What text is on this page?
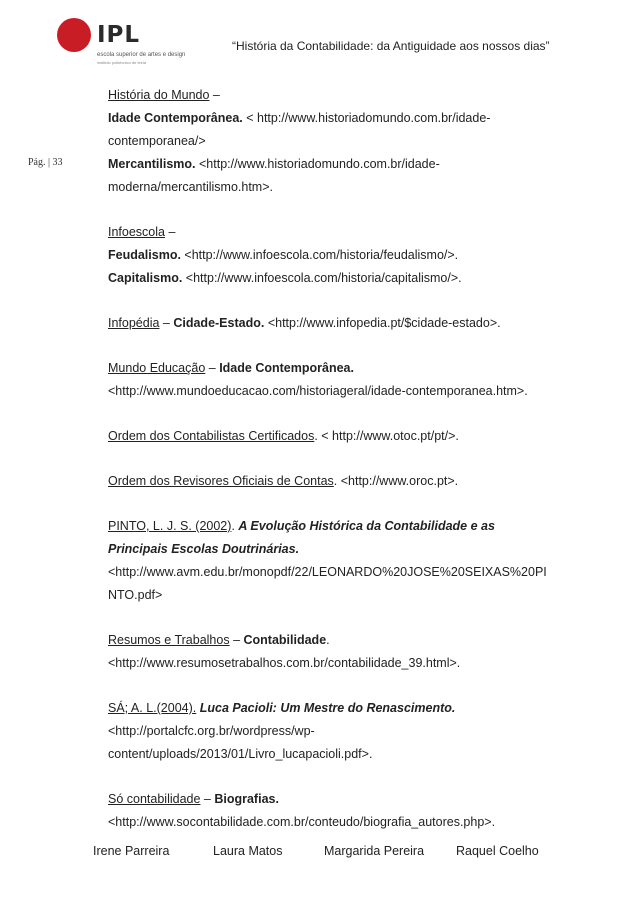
IPL
escola superior de artes e design
instituto politécnico de leiria
“História da Contabilidade: da Antiguidade aos nossos dias”
Pág. | 33
História do Mundo –
Idade Contemporânea. < http://www.historiadomundo.com.br/idade-
contemporanea/>
Mercantilismo. <http://www.historiadomundo.com.br/idade-
moderna/mercantilismo.htm>.
Infoescola –
Feudalismo. <http://www.infoescola.com/historia/feudalismo/>.
Capitalismo. <http://www.infoescola.com/historia/capitalismo/>.
Infopédia – Cidade-Estado. <http://www.infopedia.pt/$cidade-estado>.
Mundo Educação – Idade Contemporânea.
<http://www.mundoeducacao.com/historiageral/idade-contemporanea.htm>.
Ordem dos Contabilistas Certificados. < http://www.otoc.pt/pt/>.
Ordem dos Revisores Oficiais de Contas. <http://www.oroc.pt>.
PINTO, L. J. S. (2002). A Evolução Histórica da Contabilidade e as
Principais Escolas Doutrinárias.
<http://www.avm.edu.br/monopdf/22/LEONARDO%20JOSE%20SEIXAS%20PI
NTO.pdf>
Resumos e Trabalhos – Contabilidade.
<http://www.resumosetrabalhos.com.br/contabilidade_39.html>.
SÁ; A. L.(2004). Luca Pacioli: Um Mestre do Renascimento.
<http://portalcfc.org.br/wordpress/wp-
content/uploads/2013/01/Livro_lucapacioli.pdf>.
Só contabilidade – Biografias.
<http://www.socontabilidade.com.br/conteudo/biografia_autores.php>.
Irene Parreira	Laura Matos	Margarida Pereira	Raquel Coelho
